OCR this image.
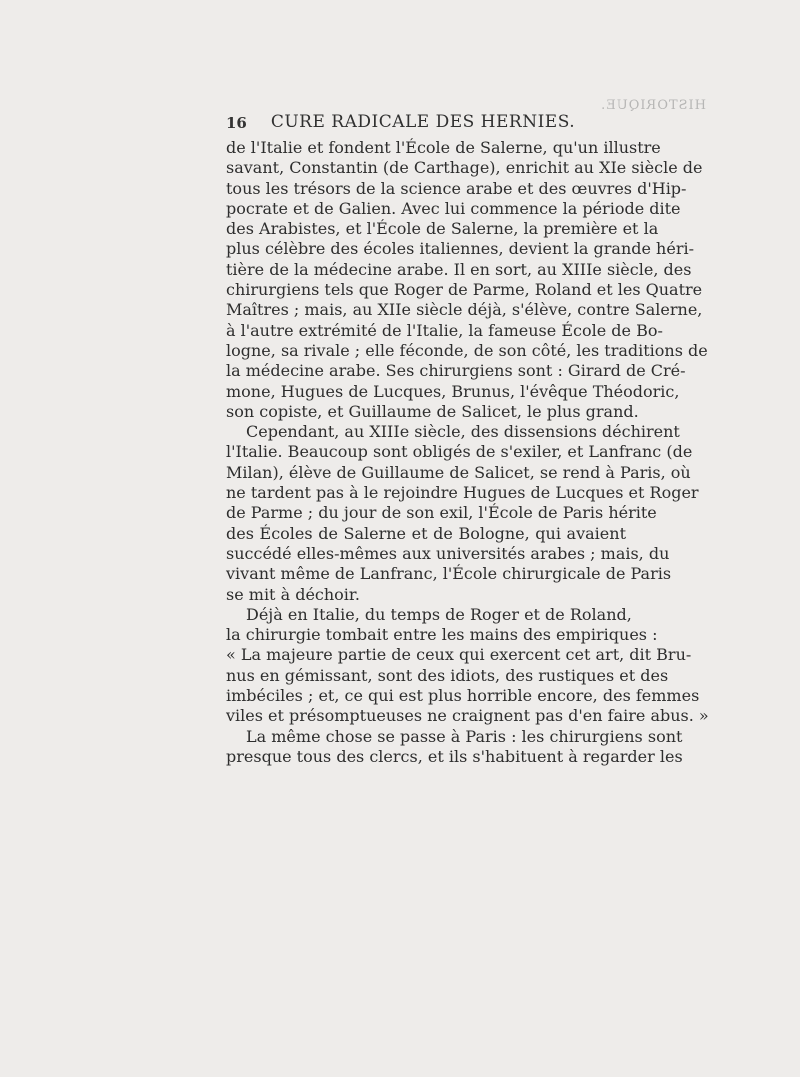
HISTORIQUE.
16	CURE RADICALE DES HERNIES.
de l'Italie et fondent l'École de Salerne, qu'un illustre
savant, Constantin (de Carthage), enrichit au XIe siècle de
tous les trésors de la science arabe et des œuvres d'Hip-
pocrate et de Galien. Avec lui commence la période dite
des Arabistes, et l'École de Salerne, la première et la
plus célèbre des écoles italiennes, devient la grande héri-
tière de la médecine arabe. Il en sort, au XIIIe siècle, des
chirurgiens tels que Roger de Parme, Roland et les Quatre
Maîtres ; mais, au XIIe siècle déjà, s'élève, contre Salerne,
à l'autre extrémité de l'Italie, la fameuse École de Bo-
logne, sa rivale ; elle féconde, de son côté, les traditions de
la médecine arabe. Ses chirurgiens sont : Girard de Cré-
mone, Hugues de Lucques, Brunus, l'évêque Théodoric,
son copiste, et Guillaume de Salicet, le plus grand.
Cependant, au XIIIe siècle, des dissensions déchirent
l'Italie. Beaucoup sont obligés de s'exiler, et Lanfranc (de
Milan), élève de Guillaume de Salicet, se rend à Paris, où
ne tardent pas à le rejoindre Hugues de Lucques et Roger
de Parme ; du jour de son exil, l'École de Paris hérite
des Écoles de Salerne et de Bologne, qui avaient
succédé elles-mêmes aux universités arabes ; mais, du
vivant même de Lanfranc, l'École chirurgicale de Paris
se mit à déchoir.
Déjà en Italie, du temps de Roger et de Roland,
la chirurgie tombait entre les mains des empiriques :
« La majeure partie de ceux qui exercent cet art, dit Bru-
nus en gémissant, sont des idiots, des rustiques et des
imbéciles ; et, ce qui est plus horrible encore, des femmes
viles et présomptueuses ne craignent pas d'en faire abus. »
La même chose se passe à Paris : les chirurgiens sont
presque tous des clercs, et ils s'habituent à regarder les
